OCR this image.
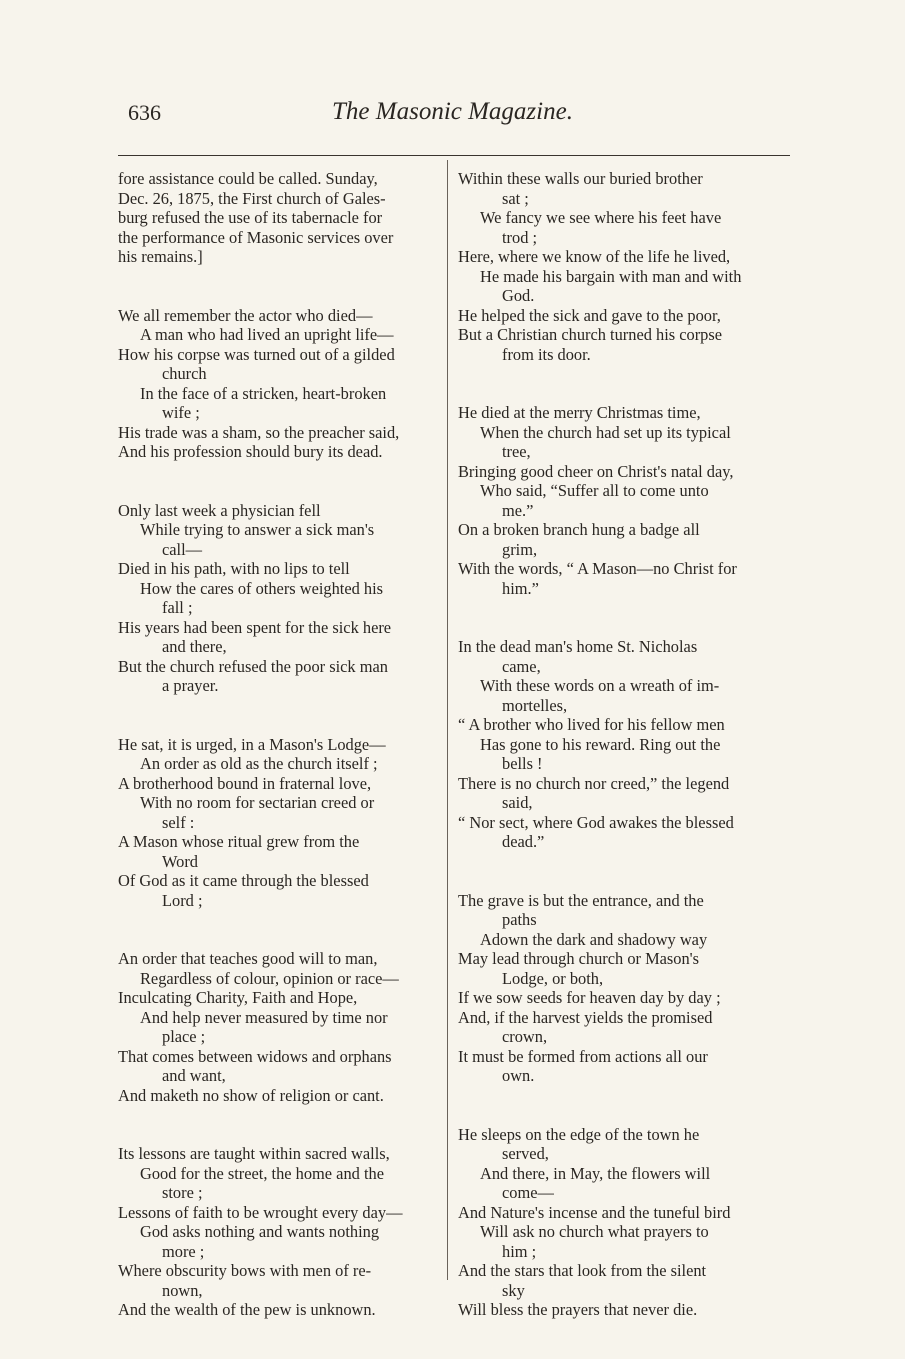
636	The Masonic Magazine.
fore assistance could be called. Sunday,
Dec. 26, 1875, the First church of Gales-
burg refused the use of its tabernacle for
the performance of Masonic services over
his remains.]
We all remember the actor who died—
A man who had lived an upright life—
How his corpse was turned out of a gilded
church
In the face of a stricken, heart-broken
wife ;
His trade was a sham, so the preacher said,
And his profession should bury its dead.
Only last week a physician fell
While trying to answer a sick man's
call—
Died in his path, with no lips to tell
How the cares of others weighted his
fall ;
His years had been spent for the sick here
and there,
But the church refused the poor sick man
a prayer.
He sat, it is urged, in a Mason's Lodge—
An order as old as the church itself ;
A brotherhood bound in fraternal love,
With no room for sectarian creed or
self :
A Mason whose ritual grew from the
Word
Of God as it came through the blessed
Lord ;
An order that teaches good will to man,
Regardless of colour, opinion or race—
Inculcating Charity, Faith and Hope,
And help never measured by time nor
place ;
That comes between widows and orphans
and want,
And maketh no show of religion or cant.
Its lessons are taught within sacred walls,
Good for the street, the home and the
store ;
Lessons of faith to be wrought every day—
God asks nothing and wants nothing
more ;
Where obscurity bows with men of re-
nown,
And the wealth of the pew is unknown.
Within these walls our buried brother
sat ;
We fancy we see where his feet have
trod ;
Here, where we know of the life he lived,
He made his bargain with man and with
God.
He helped the sick and gave to the poor,
But a Christian church turned his corpse
from its door.
He died at the merry Christmas time,
When the church had set up its typical
tree,
Bringing good cheer on Christ's natal day,
Who said, “Suffer all to come unto
me.”
On a broken branch hung a badge all
grim,
With the words, “ A Mason—no Christ for
him.”
In the dead man's home St. Nicholas
came,
With these words on a wreath of im-
mortelles,
“ A brother who lived for his fellow men
Has gone to his reward. Ring out the
bells !
There is no church nor creed,” the legend
said,
“ Nor sect, where God awakes the blessed
dead.”
The grave is but the entrance, and the
paths
Adown the dark and shadowy way
May lead through church or Mason's
Lodge, or both,
If we sow seeds for heaven day by day ;
And, if the harvest yields the promised
crown,
It must be formed from actions all our
own.
He sleeps on the edge of the town he
served,
And there, in May, the flowers will
come—
And Nature's incense and the tuneful bird
Will ask no church what prayers to
him ;
And the stars that look from the silent
sky
Will bless the prayers that never die.
